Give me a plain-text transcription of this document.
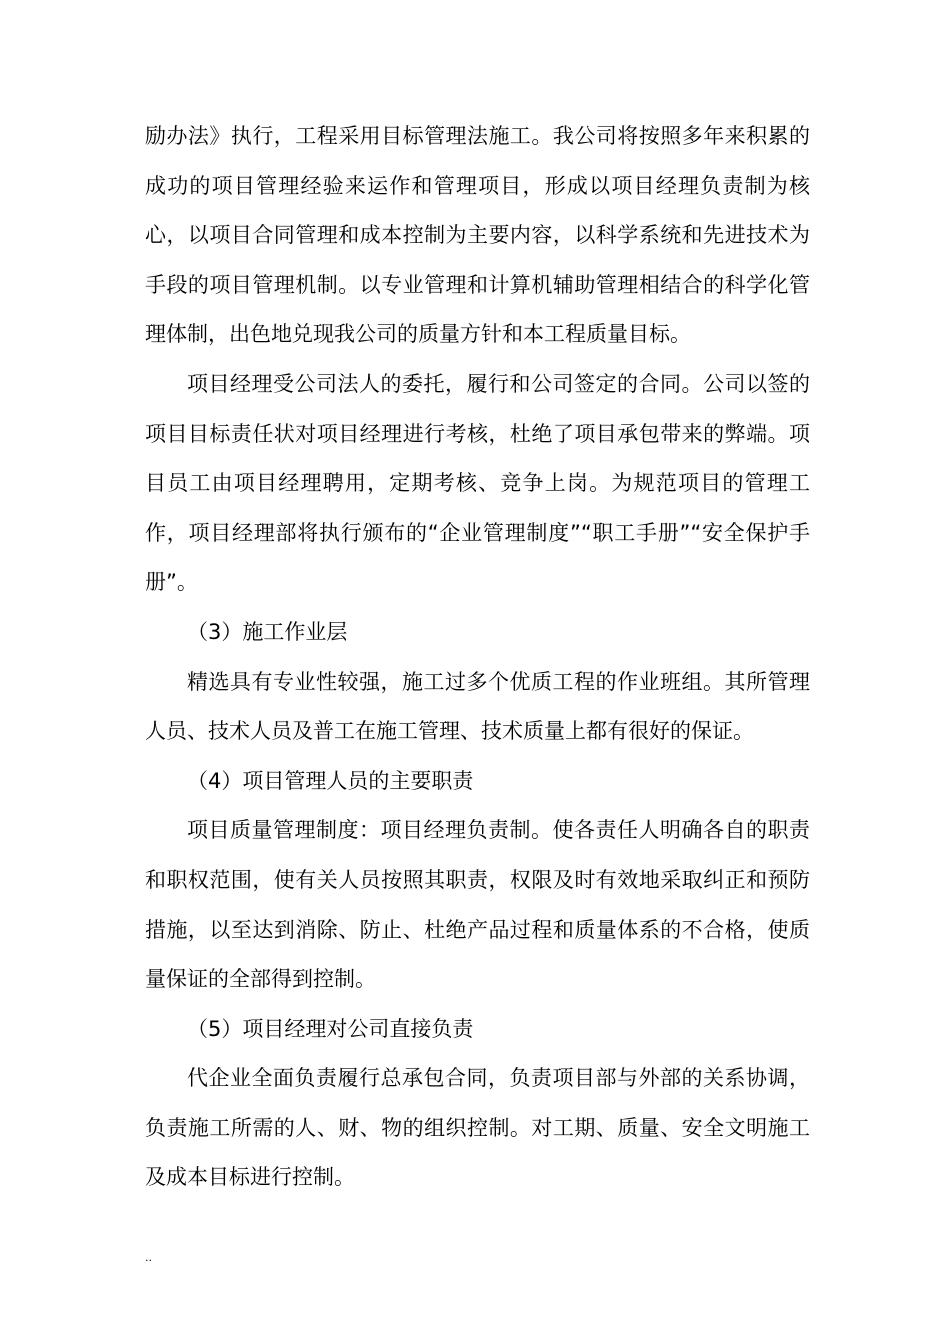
励办法》执行，工程采用目标管理法施工。我公司将按照多年来积累的成功的项目管理经验来运作和管理项目，形成以项目经理负责制为核心，以项目合同管理和成本控制为主要内容，以科学系统和先进技术为手段的项目管理机制。以专业管理和计算机辅助管理相结合的科学化管理体制，出色地兑现我公司的质量方针和本工程质量目标。

项目经理受公司法人的委托，履行和公司签定的合同。公司以签的项目目标责任状对项目经理进行考核，杜绝了项目承包带来的弊端。项目员工由项目经理聘用，定期考核、竞争上岗。为规范项目的管理工作，项目经理部将执行颁布的“企业管理制度”“职工手册”“安全保护手册”。

（3）施工作业层

精选具有专业性较强，施工过多个优质工程的作业班组。其所管理人员、技术人员及普工在施工管理、技术质量上都有很好的保证。

（4）项目管理人员的主要职责

项目质量管理制度：项目经理负责制。使各责任人明确各自的职责和职权范围，使有关人员按照其职责，权限及时有效地采取纠正和预防措施，以至达到消除、防止、杜绝产品过程和质量体系的不合格，使质量保证的全部得到控制。

（5）项目经理对公司直接负责

代企业全面负责履行总承包合同，负责项目部与外部的关系协调，负责施工所需的人、财、物的组织控制。对工期、质量、安全文明施工及成本目标进行控制。

..
